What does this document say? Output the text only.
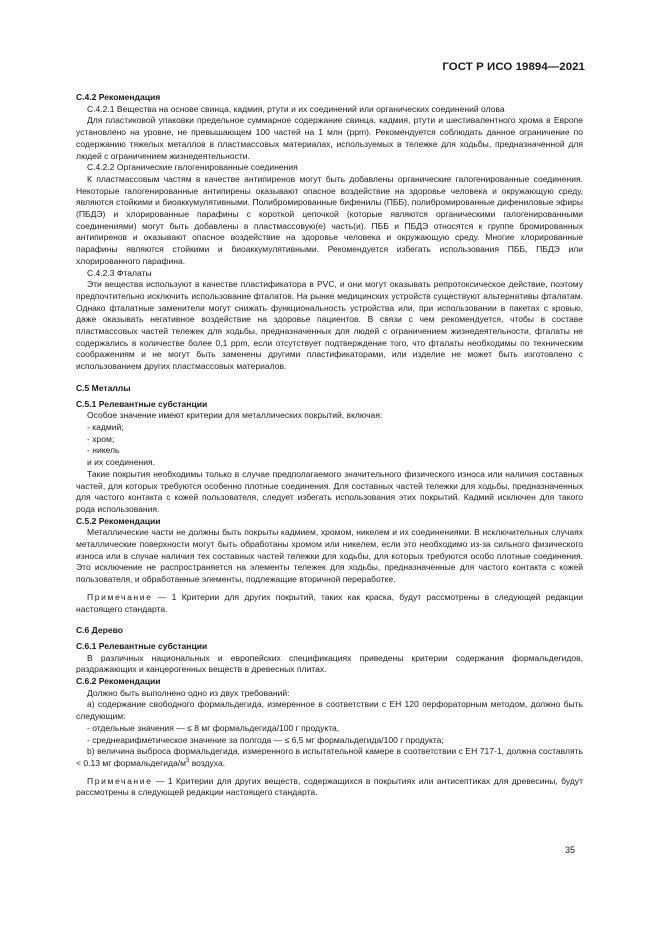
ГОСТ Р ИСО 19894—2021

С.4.2 Рекомендация

С.4.2.1 Вещества на основе свинца, кадмия, ртути и их соединений или органических соединений олова

Для пластиковой упаковки предельное суммарное содержание свинца, кадмия, ртути и шестивалентного хрома в Европе установлено на уровне, не превышающем 100 частей на 1 млн (ppm). Рекомендуется соблюдать данное ограничение по содержанию тяжелых металлов в пластмассовых материалах, используемых в тележке для ходьбы, предназначенной для людей с ограничением жизнедеятельности.

С.4.2.2 Органические галогенированные соединения

К пластмассовым частям в качестве антипиренов могут быть добавлены органические галогенированные соединения. Некоторые галогенированные антипирены оказывают опасное воздействие на здоровье человека и окружающую среду, являются стойкими и биоаккумулятивными. Полибромированные бифенилы (ПББ), полибромированные дифениловые эфиры (ПБДЭ) и хлорированные парафины с короткой цепочкой (которые являются органическими галогенированными соединениями) могут быть добавлены в пластмассовую(е) часть(и). ПББ и ПБДЭ относятся к группе бромированных антипиренов и оказывают опасное воздействие на здоровье человека и окружающую среду. Многие хлорированные парафины являются стойкими и биоаккумулятивными. Рекомендуется избегать использования ПББ, ПБДЭ или хлорированного парафина.

С.4.2.3 Фталаты

Эти вещества используют в качестве пластификатора в PVC, и они могут оказывать репротоксическое действие, поэтому предпочтительно исключить использование фталатов. На рынке медицинских устройств существуют альтернативы фталатам. Однако фталатные заменители могут снижать функциональность устройства или, при использовании в пакетах с кровью, даже оказывать негативное воздействие на здоровье пациентов. В связи с чем рекомендуется, чтобы в составе пластмассовых частей тележек для ходьбы, предназначенных для людей с ограничением жизнедеятельности, фталаты не содержались в количестве более 0,1 ppm, если отсутствует подтверждение того, что фталаты необходимы по техническим соображениям и не могут быть заменены другими пластификаторами, или изделие не может быть изготовлено с использованием других пластмассовых материалов.

С.5 Металлы

С.5.1 Релевантные субстанции

Особое значение имеют критерии для металлических покрытий, включая:

- кадмий;

- хром;

- никель

и их соединения.

Такие покрытия необходимы только в случае предполагаемого значительного физического износа или наличия составных частей, для которых требуются особенно плотные соединения. Для составных частей тележки для ходьбы, предназначенных для частого контакта с кожей пользователя, следует избегать использования этих покрытий. Кадмий исключен для такого рода использования.

С.5.2 Рекомендации

Металлические части не должны быть покрыты кадмием, хромом, никелем и их соединениями. В исключительных случаях металлические поверхности могут быть обработаны хромом или никелем, если это необходимо из-за сильного физического износа или в случае наличия тех составных частей тележки для ходьбы, для которых требуются особо плотные соединения. Это исключение не распространяется на элементы тележек для ходьбы, предназначенные для частого контакта с кожей пользователя, и обработанные элементы, подлежащие вторичной переработке.

Примечание — 1 Критерии для других покрытий, таких как краска, будут рассмотрены в следующей редакции настоящего стандарта.

С.6 Дерево

С.6.1 Релевантные субстанции

В различных национальных и европейских спецификациях приведены критерии содержания формальдегидов, раздражающих и канцерогенных веществ в древесных плитах.

С.6.2 Рекомендации

Должно быть выполнено одно из двух требований:

a) содержание свободного формальдегида, измеренное в соответствии с ЕН 120 перфораторным методом, должно быть следующим:

- отдельные значения — ≤ 8 мг формальдегида/100 г продукта,

- среднеарифметическое значение за полгода — ≤ 6,5 мг формальдегида/100 г продукта;

b) величина выброса формальдегида, измеренного в испытательной камере в соответствии с ЕН 717-1, должна составлять < 0.13 мг формальдегида/$м^3$ воздуха.

Примечание — 1 Критерии для других веществ, содержащихся в покрытиях или антисептиках для древесины, будут рассмотрены в следующей редакции настоящего стандарта.

35
